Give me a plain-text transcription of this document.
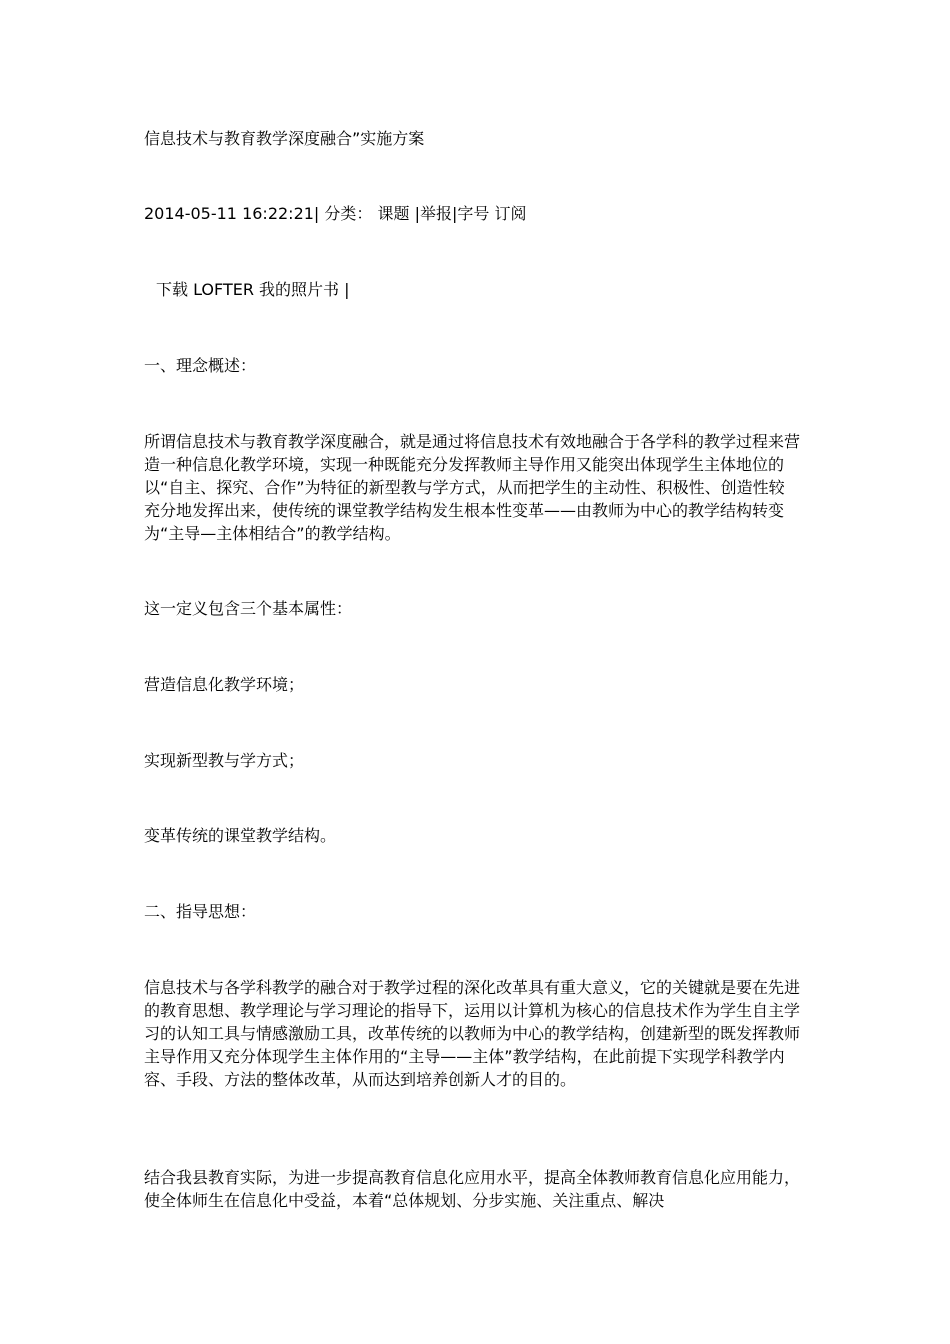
信息技术与教育教学深度融合”实施方案
2014-05-11 16:22:21| 分类： 课题 |举报|字号 订阅
下载 LOFTER 我的照片书 |
一、理念概述：
所谓信息技术与教育教学深度融合，就是通过将信息技术有效地融合于各学科的教学过程来营造一种信息化教学环境，实现一种既能充分发挥教师主导作用又能突出体现学生主体地位的以“自主、探究、合作”为特征的新型教与学方式，从而把学生的主动性、积极性、创造性较充分地发挥出来，使传统的课堂教学结构发生根本性变革——由教师为中心的教学结构转变为“主导—主体相结合”的教学结构。
这一定义包含三个基本属性：
营造信息化教学环境；
实现新型教与学方式；
变革传统的课堂教学结构。
二、指导思想：
信息技术与各学科教学的融合对于教学过程的深化改革具有重大意义，它的关键就是要在先进的教育思想、教学理论与学习理论的指导下，运用以计算机为核心的信息技术作为学生自主学习的认知工具与情感激励工具，改革传统的以教师为中心的教学结构，创建新型的既发挥教师主导作用又充分体现学生主体作用的“主导——主体”教学结构，在此前提下实现学科教学内容、手段、方法的整体改革，从而达到培养创新人才的目的。
结合我县教育实际，为进一步提高教育信息化应用水平，提高全体教师教育信息化应用能力，使全体师生在信息化中受益，本着“总体规划、分步实施、关注重点、解决
